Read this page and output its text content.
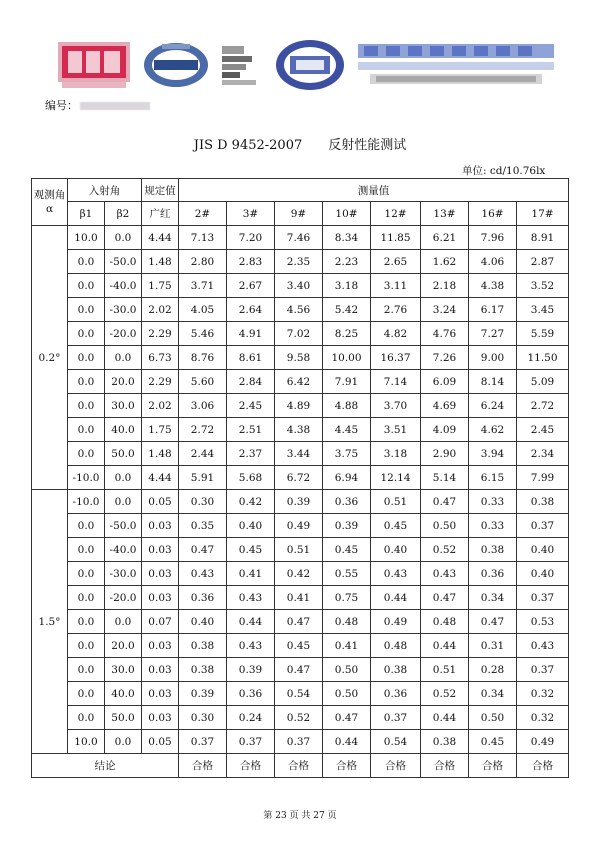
编号：
JIS D 9452-2007　　反射性能测试
单位: cd/10.76lx
观测角α	入射角		规定值	测量值							
	β1	β2	广红	2#	3#	9#	10#	12#	13#	16#	17#
0.2°	10.0	0.0	4.44	7.13	7.20	7.46	8.34	11.85	6.21	7.96	8.91
	0.0	-50.0	1.48	2.80	2.83	2.35	2.23	2.65	1.62	4.06	2.87
	0.0	-40.0	1.75	3.71	2.67	3.40	3.18	3.11	2.18	4.38	3.52
	0.0	-30.0	2.02	4.05	2.64	4.56	5.42	2.76	3.24	6.17	3.45
	0.0	-20.0	2.29	5.46	4.91	7.02	8.25	4.82	4.76	7.27	5.59
	0.0	0.0	6.73	8.76	8.61	9.58	10.00	16.37	7.26	9.00	11.50
	0.0	20.0	2.29	5.60	2.84	6.42	7.91	7.14	6.09	8.14	5.09
	0.0	30.0	2.02	3.06	2.45	4.89	4.88	3.70	4.69	6.24	2.72
	0.0	40.0	1.75	2.72	2.51	4.38	4.45	3.51	4.09	4.62	2.45
	0.0	50.0	1.48	2.44	2.37	3.44	3.75	3.18	2.90	3.94	2.34
	-10.0	0.0	4.44	5.91	5.68	6.72	6.94	12.14	5.14	6.15	7.99
1.5°	-10.0	0.0	0.05	0.30	0.42	0.39	0.36	0.51	0.47	0.33	0.38
	0.0	-50.0	0.03	0.35	0.40	0.49	0.39	0.45	0.50	0.33	0.37
	0.0	-40.0	0.03	0.47	0.45	0.51	0.45	0.40	0.52	0.38	0.40
	0.0	-30.0	0.03	0.43	0.41	0.42	0.55	0.43	0.43	0.36	0.40
	0.0	-20.0	0.03	0.36	0.43	0.41	0.75	0.44	0.47	0.34	0.37
	0.0	0.0	0.07	0.40	0.44	0.47	0.48	0.49	0.48	0.47	0.53
	0.0	20.0	0.03	0.38	0.43	0.45	0.41	0.48	0.44	0.31	0.43
	0.0	30.0	0.03	0.38	0.39	0.47	0.50	0.38	0.51	0.28	0.37
	0.0	40.0	0.03	0.39	0.36	0.54	0.50	0.36	0.52	0.34	0.32
	0.0	50.0	0.03	0.30	0.24	0.52	0.47	0.37	0.44	0.50	0.32
	10.0	0.0	0.05	0.37	0.37	0.37	0.44	0.54	0.38	0.45	0.49
结论				合格	合格	合格	合格	合格	合格	合格	合格
第 23 页 共 27 页
